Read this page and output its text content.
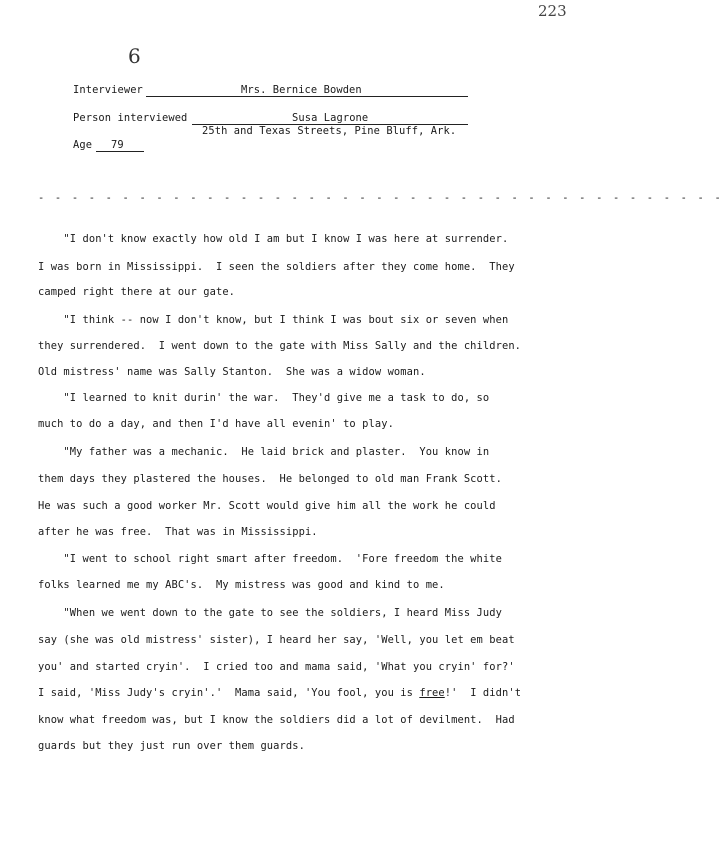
223
6
Interviewer	Mrs. Bernice Bowden
Person interviewed	Susa Lagrone
25th and Texas Streets, Pine Bluff, Ark.
Age 79
- - - - - - - - - - - - - - - - - - - - - - - - - - - - - - - - - - - - - - - - -
"I don't know exactly how old I am but I know I was here at surrender.
I was born in Mississippi.  I seen the soldiers after they come home.  They
camped right there at our gate.
"I think -- now I don't know, but I think I was bout six or seven when
they surrendered.  I went down to the gate with Miss Sally and the children.
Old mistress' name was Sally Stanton.  She was a widow woman.
"I learned to knit durin' the war.  They'd give me a task to do, so
much to do a day, and then I'd have all evenin' to play.
"My father was a mechanic.  He laid brick and plaster.  You know in
them days they plastered the houses.  He belonged to old man Frank Scott.
He was such a good worker Mr. Scott would give him all the work he could
after he was free.  That was in Mississippi.
"I went to school right smart after freedom.  'Fore freedom the white
folks learned me my ABC's.  My mistress was good and kind to me.
"When we went down to the gate to see the soldiers, I heard Miss Judy
say (she was old mistress' sister), I heard her say, 'Well, you let em beat
you' and started cryin'.  I cried too and mama said, 'What you cryin' for?'
I said, 'Miss Judy's cryin'.'  Mama said, 'You fool, you is free!'  I didn't
know what freedom was, but I know the soldiers did a lot of devilment.  Had
guards but they just run over them guards.
